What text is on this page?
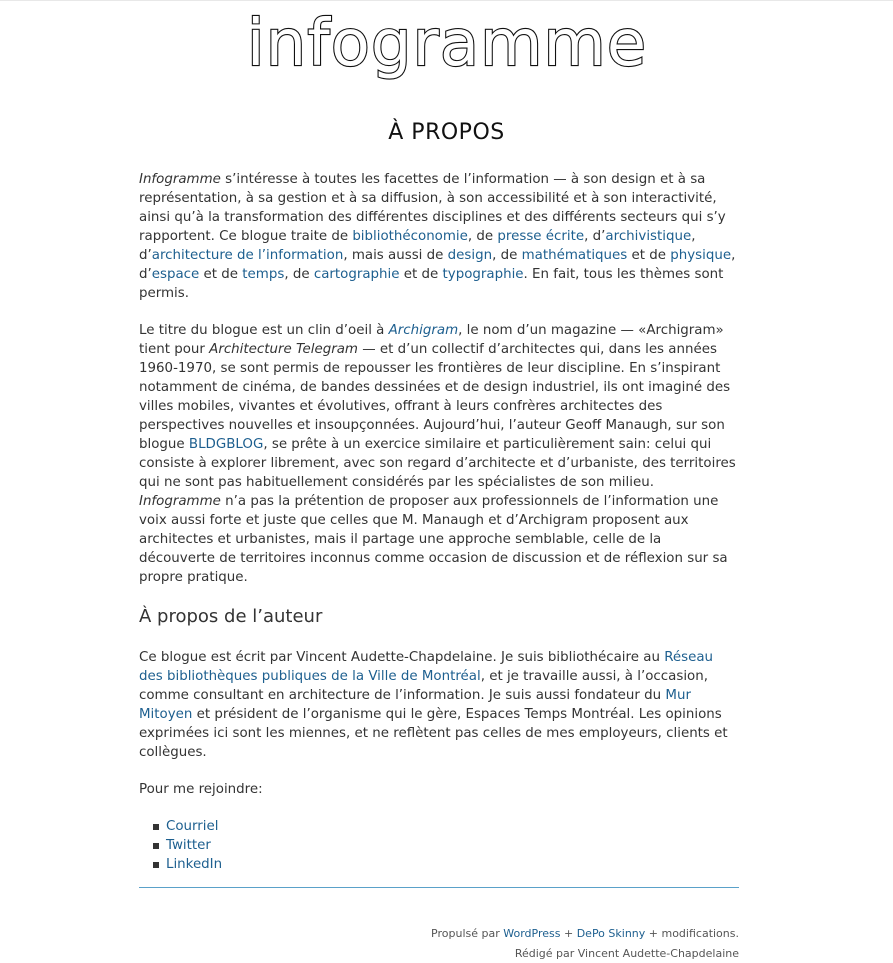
infogramme
À PROPOS

Infogramme s’intéresse à toutes les facettes de l’information — à son design et à sa représentation, à sa gestion et à sa diffusion, à son accessibilité et à son interactivité, ainsi qu’à la transformation des différentes disciplines et des différents secteurs qui s’y rapportent. Ce blogue traite de bibliothéconomie, de presse écrite, d’archivistique, d’architecture de l’information, mais aussi de design, de mathématiques et de physique, d’espace et de temps, de cartographie et de typographie. En fait, tous les thèmes sont permis.

Le titre du blogue est un clin d’oeil à Archigram, le nom d’un magazine — «Archigram» tient pour Architecture Telegram — et d’un collectif d’architectes qui, dans les années 1960-1970, se sont permis de repousser les frontières de leur discipline. En s’inspirant notamment de cinéma, de bandes dessinées et de design industriel, ils ont imaginé des villes mobiles, vivantes et évolutives, offrant à leurs confrères architectes des perspectives nouvelles et insoupçonnées. Aujourd’hui, l’auteur Geoff Manaugh, sur son blogue BLDGBLOG, se prête à un exercice similaire et particulièrement sain: celui qui consiste à explorer librement, avec son regard d’architecte et d’urbaniste, des territoires qui ne sont pas habituellement considérés par les spécialistes de son milieu. Infogramme n’a pas la prétention de proposer aux professionnels de l’information une voix aussi forte et juste que celles que M. Manaugh et d’Archigram proposent aux architectes et urbanistes, mais il partage une approche semblable, celle de la découverte de territoires inconnus comme occasion de discussion et de réflexion sur sa propre pratique.

À propos de l’auteur

Ce blogue est écrit par Vincent Audette-Chapdelaine. Je suis bibliothécaire au Réseau des bibliothèques publiques de la Ville de Montréal, et je travaille aussi, à l’occasion, comme consultant en architecture de l’information. Je suis aussi fondateur du Mur Mitoyen et président de l’organisme qui le gère, Espaces Temps Montréal. Les opinions exprimées ici sont les miennes, et ne reflètent pas celles de mes employeurs, clients et collègues.

Pour me rejoindre:

Courriel
Twitter
LinkedIn
Propulsé par WordPress + DePo Skinny + modifications.
Rédigé par Vincent Audette-Chapdelaine
